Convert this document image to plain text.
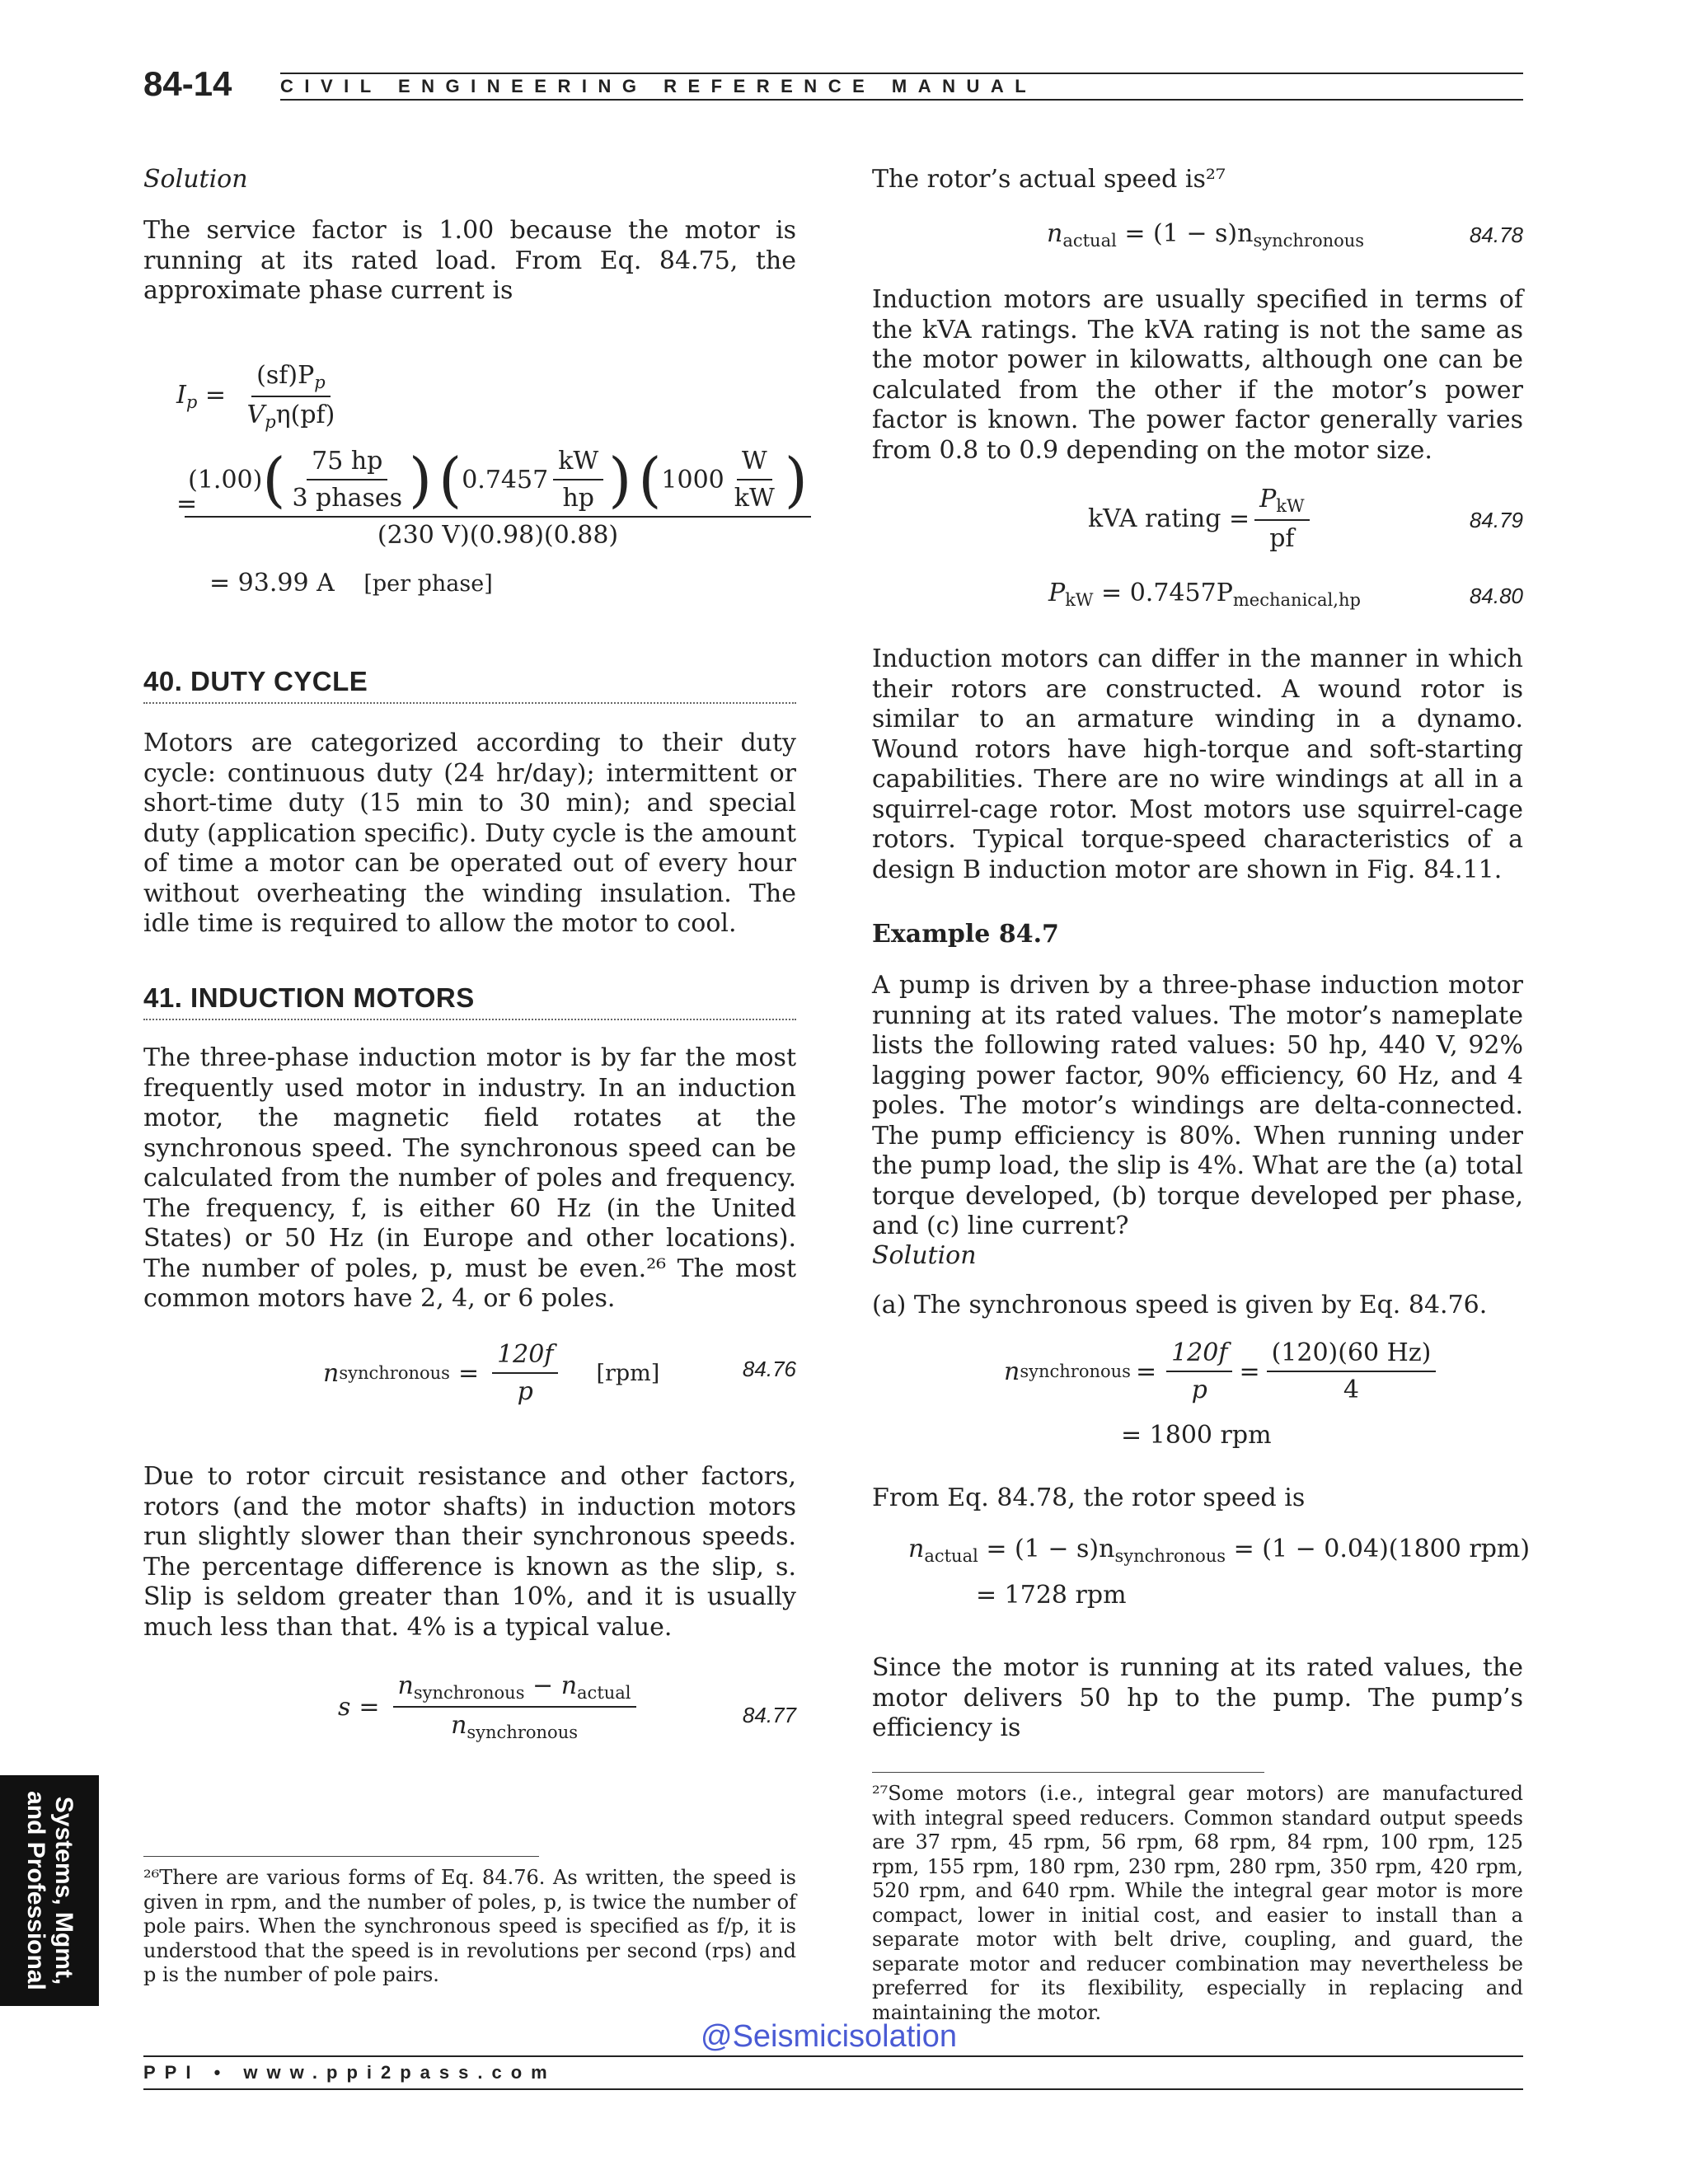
84-14	CIVIL ENGINEERING REFERENCE MANUAL
Solution

The service factor is 1.00 because the motor is running at its rated load. From Eq. 84.75, the approximate phase current is

$I_p = \frac{(sf)P_p}{V_p\eta(pf)}$
(1.00) ( $\frac{75 hp}{\text{3 phases}}$ ) ( $0.7457 \frac{kW}{hp}$ ) ( $1000 \frac{W}{kW}$ )
(230 V)(0.98)(0.88)
=
= 93.99 A [per phase]
40. DUTY CYCLE

Motors are categorized according to their duty cycle: continuous duty (24 hr/day); intermittent or short-time duty (15 min to 30 min); and special duty (application specific). Duty cycle is the amount of time a motor can be operated out of every hour without overheating the winding insulation. The idle time is required to allow the motor to cool.

41. INDUCTION MOTORS

The three-phase induction motor is by far the most frequently used motor in industry. In an induction motor, the magnetic field rotates at the synchronous speed. The synchronous speed can be calculated from the number of poles and frequency. The frequency, f, is either 60 Hz (in the United States) or 50 Hz (in Europe and other locations). The number of poles, p, must be even.²⁶ The most common motors have 2, 4, or 6 poles.

n synchronous = $\frac{120f}{p} [rpm]$	84.76

Due to rotor circuit resistance and other factors, rotors (and the motor shafts) in induction motors run slightly slower than their synchronous speeds. The percentage difference is known as the slip, s. Slip is seldom greater than 10%, and it is usually much less than that. 4% is a typical value.

$s = \frac{n_{synchronous} - n_{actual}}{n_{synchronous}}$	84.77

²⁶There are various forms of Eq. 84.76. As written, the speed is given in rpm, and the number of poles, p, is twice the number of pole pairs. When the synchronous speed is specified as f/p, it is understood that the speed is in revolutions per second (rps) and p is the number of pole pairs.

The rotor’s actual speed is²⁷

$n_{actual} = (1 - s)n_{synchronous}$	84.78

Induction motors are usually specified in terms of the kVA ratings. The kVA rating is not the same as the motor power in kilowatts, although one can be calculated from the other if the motor’s power factor is known. The power factor generally varies from 0.8 to 0.9 depending on the motor size.

kVA rating = $\frac{P_{kW}}{pf}$	84.79
$P_{kW} = 0.7457P_{mechanical,hp}$	84.80

Induction motors can differ in the manner in which their rotors are constructed. A wound rotor is similar to an armature winding in a dynamo. Wound rotors have high-torque and soft-starting capabilities. There are no wire windings at all in a squirrel-cage rotor. Most motors use squirrel-cage rotors. Typical torque-speed characteristics of a design B induction motor are shown in Fig. 84.11.

Example 84.7

A pump is driven by a three-phase induction motor running at its rated values. The motor’s nameplate lists the following rated values: 50 hp, 440 V, 92% lagging power factor, 90% efficiency, 60 Hz, and 4 poles. The motor’s windings are delta-connected. The pump efficiency is 80%. When running under the pump load, the slip is 4%. What are the (a) total torque developed, (b) torque developed per phase, and (c) line current?

Solution
(a) The synchronous speed is given by Eq. 84.76.
n synchronous = $\frac{120f}{p} = \frac{(120)(60 Hz)}{4}$
= 1800 rpm
From Eq. 84.78, the rotor speed is
$n_{actual} = (1 - s)n_{synchronous} = (1 - 0.04)(1800$ rpm)
= 1728 rpm

Since the motor is running at its rated values, the motor delivers 50 hp to the pump. The pump’s efficiency is

²⁷Some motors (i.e., integral gear motors) are manufactured with integral speed reducers. Common standard output speeds are 37 rpm, 45 rpm, 56 rpm, 68 rpm, 84 rpm, 100 rpm, 125 rpm, 155 rpm, 180 rpm, 230 rpm, 280 rpm, 350 rpm, 420 rpm, 520 rpm, and 640 rpm. While the integral gear motor is more compact, lower in initial cost, and easier to install than a separate motor with belt drive, coupling, and guard, the separate motor and reducer combination may nevertheless be preferred for its flexibility, especially in replacing and maintaining the motor.

Systems, Mgmt,
and Professional
@Seismicisolation
PPI • www.ppi2pass.com
